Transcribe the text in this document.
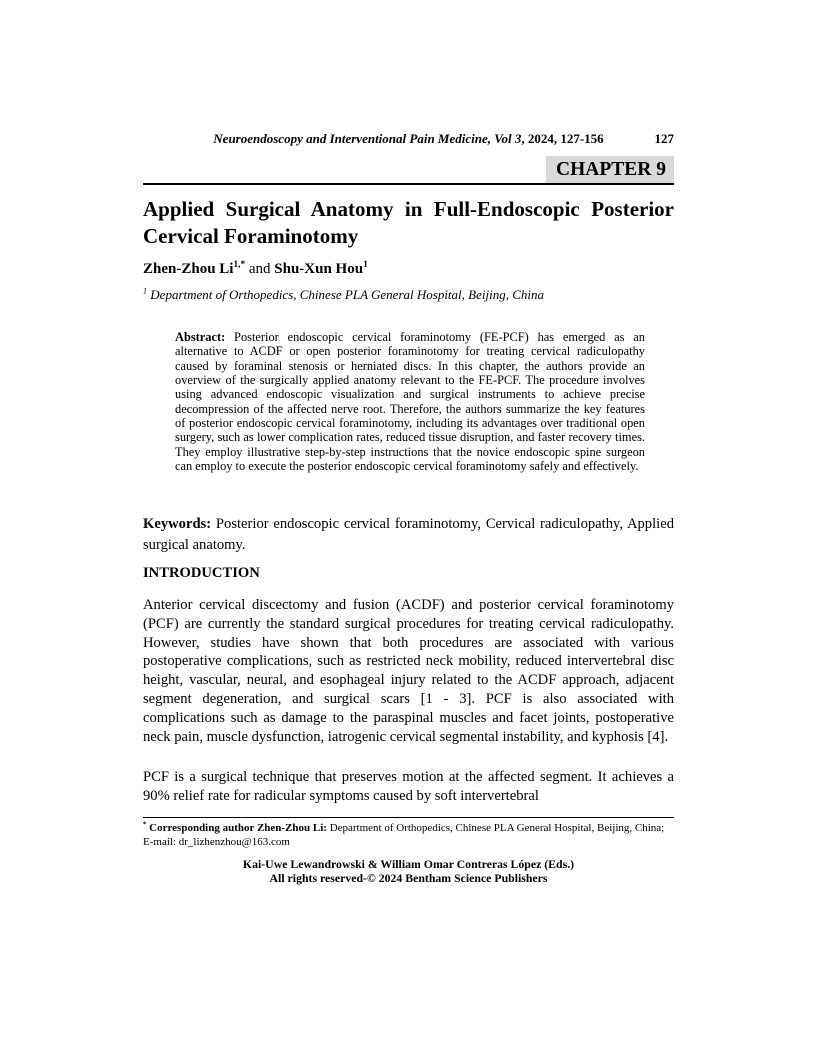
Neuroendoscopy and Interventional Pain Medicine, Vol 3, 2024, 127-156	127
CHAPTER 9
Applied Surgical Anatomy in Full-Endoscopic Posterior Cervical Foraminotomy

Zhen-Zhou $Li^{1,*}$ and Shu-Xun Hou$^1$

$^1$ Department of Orthopedics, Chinese PLA General Hospital, Beijing, China

Abstract: Posterior endoscopic cervical foraminotomy (FE-PCF) has emerged as an alternative to ACDF or open posterior foraminotomy for treating cervical radiculopathy caused by foraminal stenosis or herniated discs. In this chapter, the authors provide an overview of the surgically applied anatomy relevant to the FE-PCF. The procedure involves using advanced endoscopic visualization and surgical instruments to achieve precise decompression of the affected nerve root. Therefore, the authors summarize the key features of posterior endoscopic cervical foraminotomy, including its advantages over traditional open surgery, such as lower complication rates, reduced tissue disruption, and faster recovery times. They employ illustrative step-by-step instructions that the novice endoscopic spine surgeon can employ to execute the posterior endoscopic cervical foraminotomy safely and effectively.

Keywords: Posterior endoscopic cervical foraminotomy, Cervical radiculopathy, Applied surgical anatomy.

INTRODUCTION

Anterior cervical discectomy and fusion (ACDF) and posterior cervical foraminotomy (PCF) are currently the standard surgical procedures for treating cervical radiculopathy. However, studies have shown that both procedures are associated with various postoperative complications, such as restricted neck mobility, reduced intervertebral disc height, vascular, neural, and esophageal injury related to the ACDF approach, adjacent segment degeneration, and surgical scars [1 - 3]. PCF is also associated with complications such as damage to the paraspinal muscles and facet joints, postoperative neck pain, muscle dysfunction, iatrogenic cervical segmental instability, and kyphosis [4].

PCF is a surgical technique that preserves motion at the affected segment. It achieves a 90% relief rate for radicular symptoms caused by soft intervertebral

* Corresponding author Zhen-Zhou Li: Department of Orthopedics, Chinese PLA General Hospital, Beijing, China; E-mail: dr_lizhenzhou@163.com

Kai-Uwe Lewandrowski & William Omar Contreras López (Eds.)
All rights reserved-© 2024 Bentham Science Publishers
